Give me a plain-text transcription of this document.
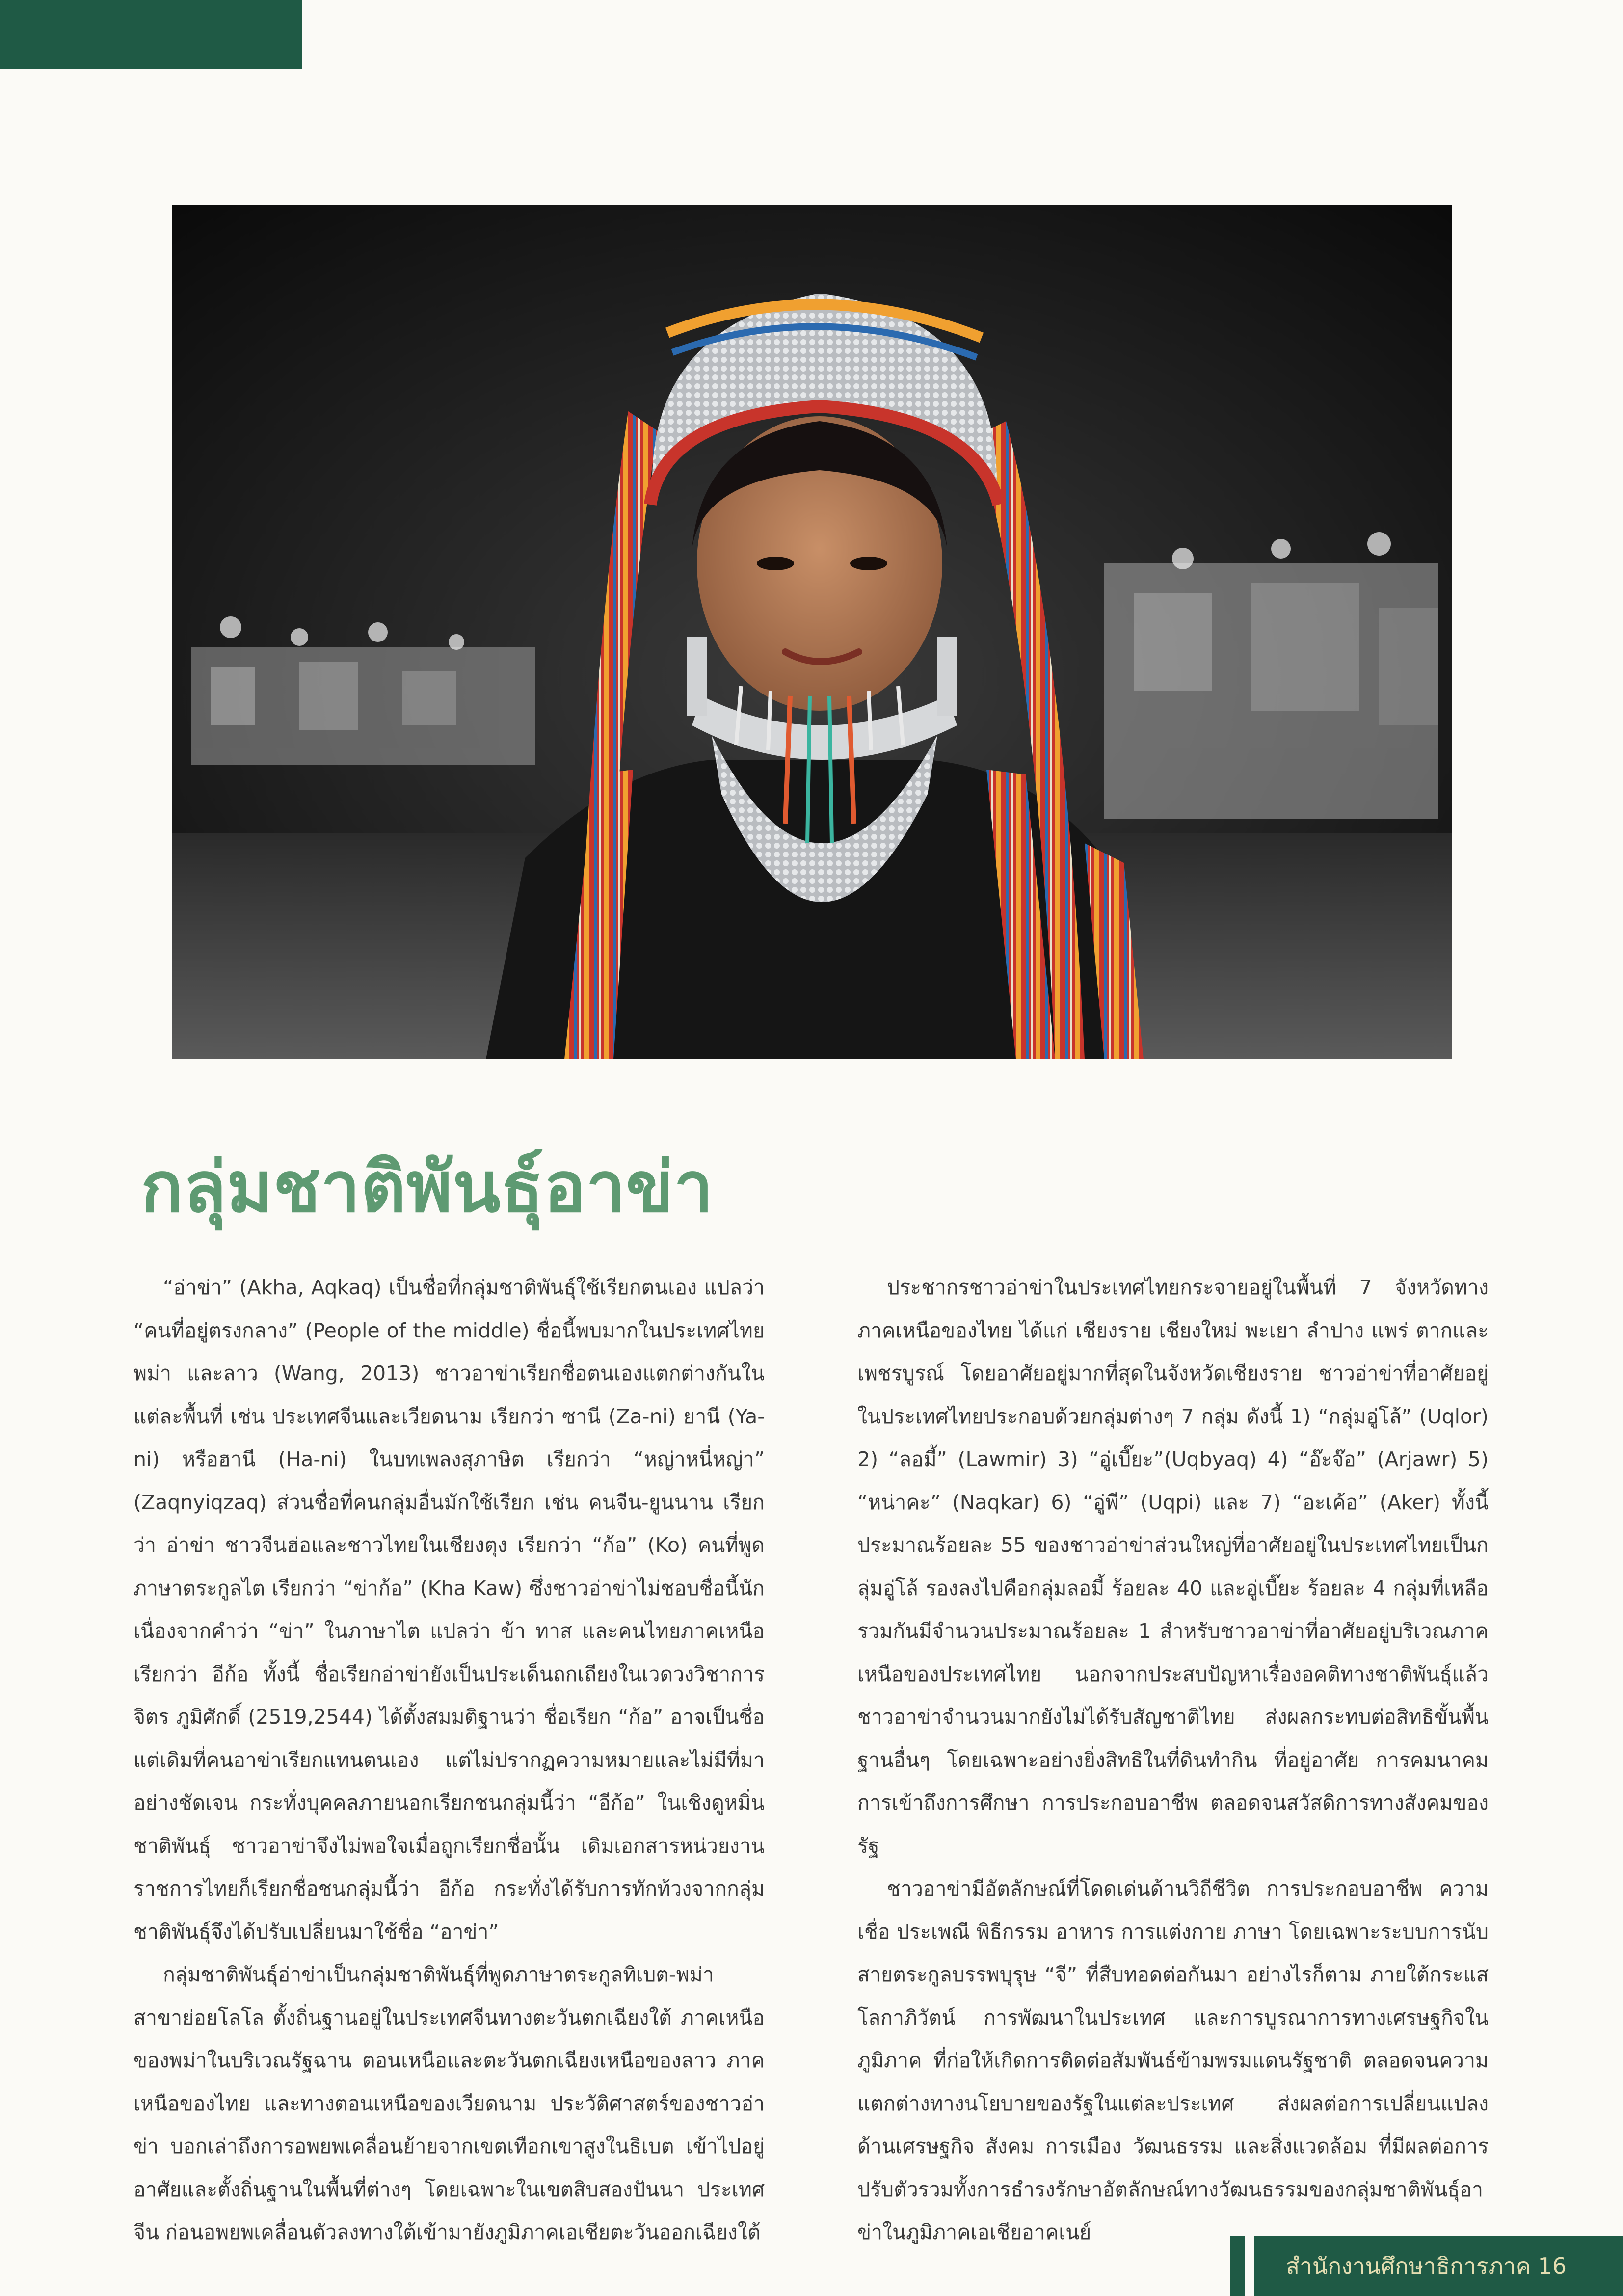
กลุ่มชาติพันธุ์อาข่า

“อ่าข่า” (Akha, Aqkaq) เป็นชื่อที่กลุ่มชาติพันธุ์ใช้เรียกตนเอง แปลว่า “คนที่อยู่ตรงกลาง” (People of the middle) ชื่อนี้พบมากในประเทศไทย พม่า และลาว (Wang, 2013) ชาวอาข่าเรียกชื่อตนเองแตกต่างกันในแต่ละพื้นที่ เช่น ประเทศจีนและเวียดนาม เรียกว่า ซานี (Za-ni) ยานี (Ya-ni) หรือฮานี (Ha-ni) ในบทเพลงสุภาษิต เรียกว่า “หญ่าหนี่หญ่า” (Zaqnyiqzaq) ส่วนชื่อที่คนกลุ่มอื่นมักใช้เรียก เช่น คนจีน-ยูนนาน เรียกว่า อ่าข่า ชาวจีนฮ่อและชาวไทยในเชียงตุง เรียกว่า “ก้อ” (Ko) คนที่พูดภาษาตระกูลไต เรียกว่า “ข่าก้อ” (Kha Kaw) ซึ่งชาวอ่าข่าไม่ชอบชื่อนี้นัก เนื่องจากคำว่า “ข่า” ในภาษาไต แปลว่า ข้า ทาส และคนไทยภาคเหนือ เรียกว่า อีก้อ ทั้งนี้ ชื่อเรียกอ่าข่ายังเป็นประเด็นถกเถียงในเวดวงวิชาการ จิตร ภูมิศักดิ์ (2519,2544) ได้ตั้งสมมติฐานว่า ชื่อเรียก “ก้อ” อาจเป็นชื่อแต่เดิมที่คนอาข่าเรียกแทนตนเอง แต่ไม่ปรากฏความหมายและไม่มีที่มาอย่างชัดเจน กระทั่งบุคคลภายนอกเรียกชนกลุ่มนี้ว่า “อีก้อ” ในเชิงดูหมิ่นชาติพันธุ์ ชาวอาข่าจึงไม่พอใจเมื่อถูกเรียกชื่อนั้น เดิมเอกสารหน่วยงานราชการไทยก็เรียกชื่อชนกลุ่มนี้ว่า อีก้อ กระทั่งได้รับการทักท้วงจากกลุ่มชาติพันธุ์จึงได้ปรับเปลี่ยนมาใช้ชื่อ “อาข่า”

กลุ่มชาติพันธุ์อ่าข่าเป็นกลุ่มชาติพันธุ์ที่พูดภาษาตระกูลทิเบต-พม่า สาขาย่อยโลโล ตั้งถิ่นฐานอยู่ในประเทศจีนทางตะวันตกเฉียงใต้ ภาคเหนือของพม่าในบริเวณรัฐฉาน ตอนเหนือและตะวันตกเฉียงเหนือของลาว ภาคเหนือของไทย และทางตอนเหนือของเวียดนาม ประวัติศาสตร์ของชาวอ่าข่า บอกเล่าถึงการอพยพเคลื่อนย้ายจากเขตเทือกเขาสูงในธิเบต เข้าไปอยู่อาศัยและตั้งถิ่นฐานในพื้นที่ต่างๆ โดยเฉพาะในเขตสิบสองปันนา ประเทศจีน ก่อนอพยพเคลื่อนตัวลงทางใต้เข้ามายังภูมิภาคเอเชียตะวันออกเฉียงใต้

ประชากรชาวอ่าข่าในประเทศไทยกระจายอยู่ในพื้นที่ 7 จังหวัดทางภาคเหนือของไทย ได้แก่ เชียงราย เชียงใหม่ พะเยา ลำปาง แพร่ ตากและ เพชรบูรณ์ โดยอาศัยอยู่มากที่สุดในจังหวัดเชียงราย ชาวอ่าข่าที่อาศัยอยู่ในประเทศไทยประกอบด้วยกลุ่มต่างๆ 7 กลุ่ม ดังนี้ 1) “กลุ่มอู่โล้” (Uqlor) 2) “ลอมี้” (Lawmir) 3) “อู่เบี๊ยะ”(Uqbyaq) 4) “อ๊ะจ๊อ” (Arjawr) 5) “หน่าคะ” (Naqkar) 6) “อู่พี” (Uqpi) และ 7) “อะเค้อ” (Aker) ทั้งนี้ ประมาณร้อยละ 55 ของชาวอ่าข่าส่วนใหญ่ที่อาศัยอยู่ในประเทศไทยเป็นกลุ่มอู่โล้ รองลงไปคือกลุ่มลอมี้ ร้อยละ 40 และอู่เบี๊ยะ ร้อยละ 4 กลุ่มที่เหลือรวมกันมีจำนวนประมาณร้อยละ 1 สำหรับชาวอาข่าที่อาศัยอยู่บริเวณภาคเหนือของประเทศไทย นอกจากประสบปัญหาเรื่องอคติทางชาติพันธุ์แล้ว ชาวอาข่าจำนวนมากยังไม่ได้รับสัญชาติไทย ส่งผลกระทบต่อสิทธิขั้นพื้นฐานอื่นๆ โดยเฉพาะอย่างยิ่งสิทธิในที่ดินทำกิน ที่อยู่อาศัย การคมนาคม การเข้าถึงการศึกษา การประกอบอาชีพ ตลอดจนสวัสดิการทางสังคมของรัฐ

ชาวอาข่ามีอัตลักษณ์ที่โดดเด่นด้านวิถีชีวิต การประกอบอาชีพ ความเชื่อ ประเพณี พิธีกรรม อาหาร การแต่งกาย ภาษา โดยเฉพาะระบบการนับสายตระกูลบรรพบุรุษ “จี” ที่สืบทอดต่อกันมา อย่างไรก็ตาม ภายใต้กระแสโลกาภิวัตน์ การพัฒนาในประเทศ และการบูรณาการทางเศรษฐกิจในภูมิภาค ที่ก่อให้เกิดการติดต่อสัมพันธ์ข้ามพรมแดนรัฐชาติ ตลอดจนความแตกต่างทางนโยบายของรัฐในแต่ละประเทศ ส่งผลต่อการเปลี่ยนแปลงด้านเศรษฐกิจ สังคม การเมือง วัฒนธรรม และสิ่งแวดล้อม ที่มีผลต่อการปรับตัวรวมทั้งการธำรงรักษาอัตลักษณ์ทางวัฒนธรรมของกลุ่มชาติพันธุ์อาข่าในภูมิภาคเอเชียอาคเนย์

สำนักงานศึกษาธิการภาค 16
